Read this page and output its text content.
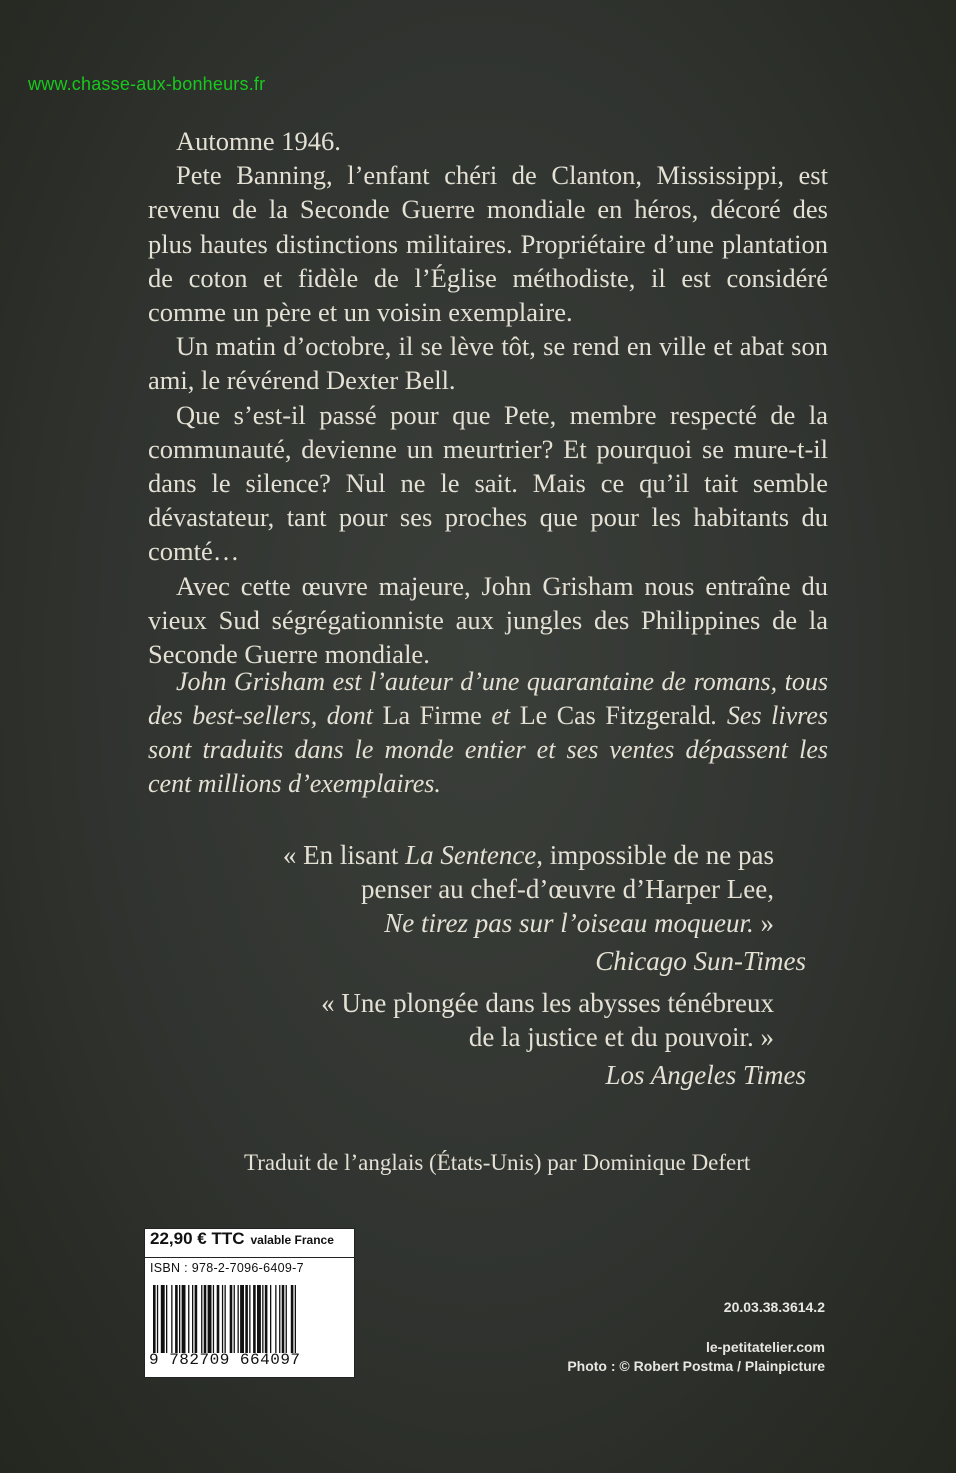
www.chasse-aux-bonheurs.fr

Automne 1946.

Pete Banning, l’enfant chéri de Clanton, Mississippi, est revenu de la Seconde Guerre mondiale en héros, décoré des plus hautes distinctions militaires. Propriétaire d’une plantation de coton et fidèle de l’Église méthodiste, il est considéré comme un père et un voisin exemplaire.

Un matin d’octobre, il se lève tôt, se rend en ville et abat son ami, le révérend Dexter Bell.

Que s’est-il passé pour que Pete, membre respecté de la communauté, devienne un meurtrier? Et pourquoi se mure-t-il dans le silence? Nul ne le sait. Mais ce qu’il tait semble dévastateur, tant pour ses proches que pour les habitants du comté…

Avec cette œuvre majeure, John Grisham nous entraîne du vieux Sud ségrégationniste aux jungles des Philippines de la Seconde Guerre mondiale.

John Grisham est l’auteur d’une quarantaine de romans, tous des best-sellers, dont La Firme et Le Cas Fitzgerald. Ses livres sont traduits dans le monde entier et ses ventes dépassent les cent millions d’exemplaires.
« En lisant La Sentence, impossible de ne pas
penser au chef-d’œuvre d’Harper Lee,
Ne tirez pas sur l’oiseau moqueur. »
Chicago Sun-Times
« Une plongée dans les abysses ténébreux
de la justice et du pouvoir. »
Los Angeles Times
Traduit de l’anglais (États-Unis) par Dominique Defert
22,90 € TTC valable France
ISBN : 978-2-7096-6409-7
9 782709 664097
20.03.38.3614.2
le-petitatelier.com
Photo : © Robert Postma / Plainpicture
